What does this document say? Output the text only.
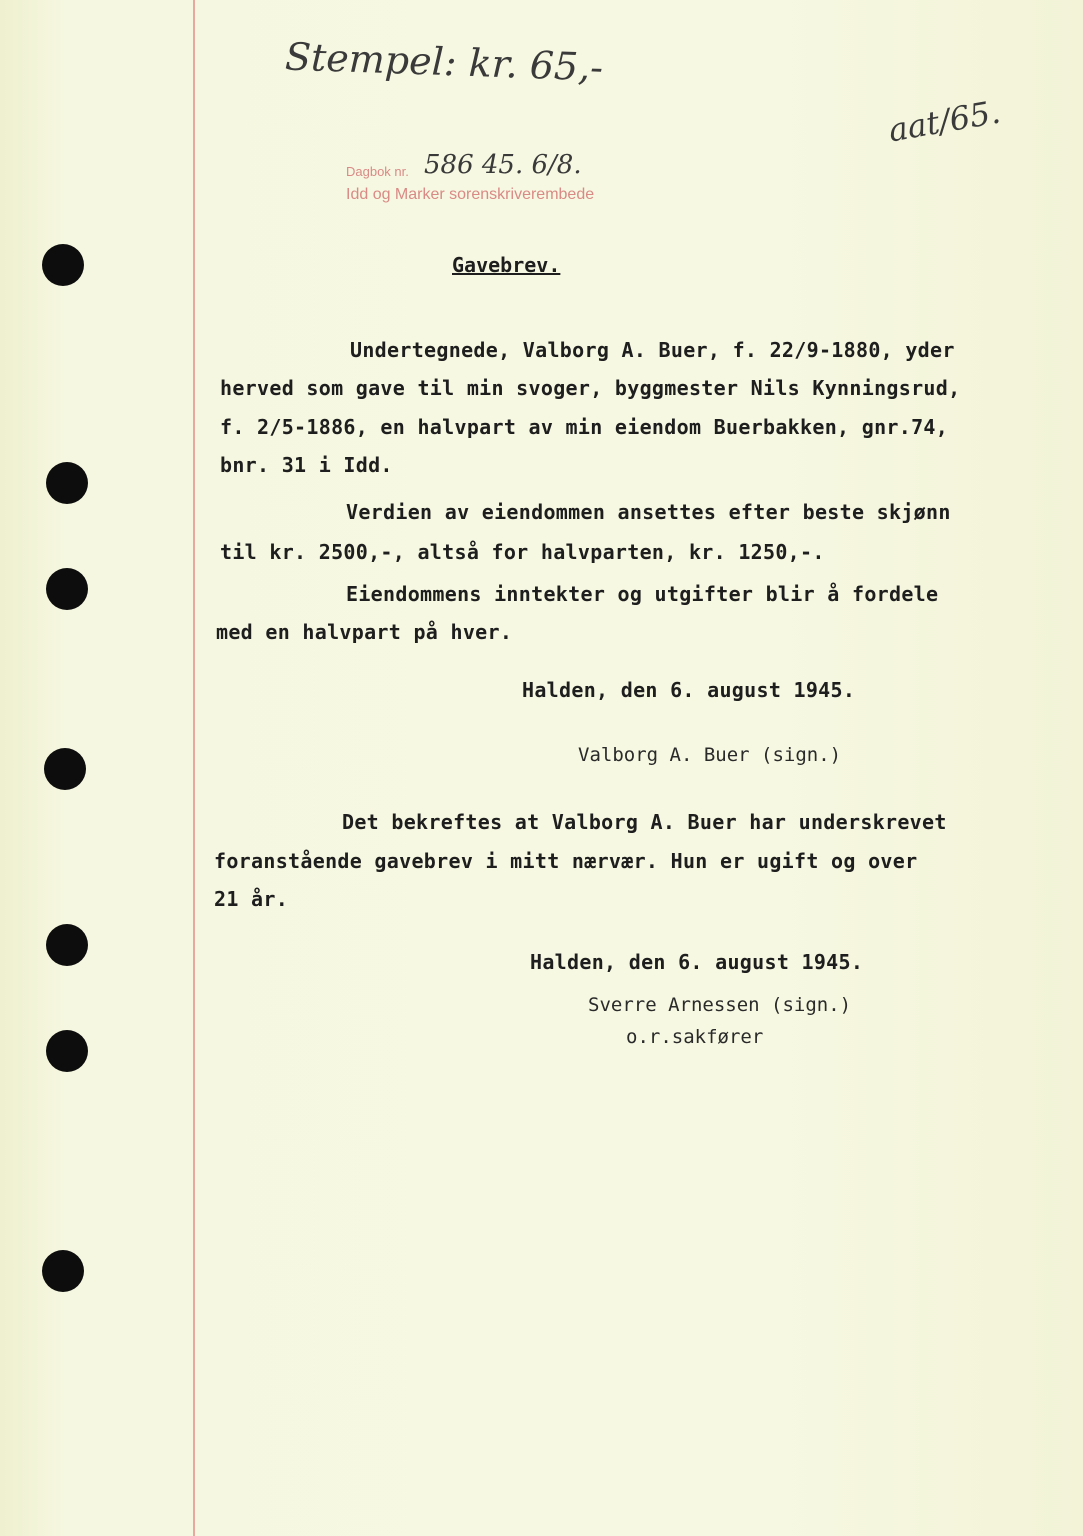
Stempel: kr. 65,-
aat/65.
Dagbok nr. 586 45. 6/8.
Idd og Marker sorenskriverembede
Gavebrev.
Undertegnede, Valborg A. Buer, f. 22/9-1880, yder
herved som gave til min svoger, byggmester Nils Kynningsrud,
f. 2/5-1886, en halvpart av min eiendom Buerbakken, gnr.74,
bnr. 31 i Idd.
Verdien av eiendommen ansettes efter beste skjønn
til kr. 2500,-, altså for halvparten, kr. 1250,-.
Eiendommens inntekter og utgifter blir å fordele
med en halvpart på hver.
Halden, den 6. august 1945.
Valborg A. Buer (sign.)
Det bekreftes at Valborg A. Buer har underskrevet
foranstående gavebrev i mitt nærvær. Hun er ugift og over
21 år.
Halden, den 6. august 1945.
Sverre Arnessen (sign.)
o.r.sakfører
